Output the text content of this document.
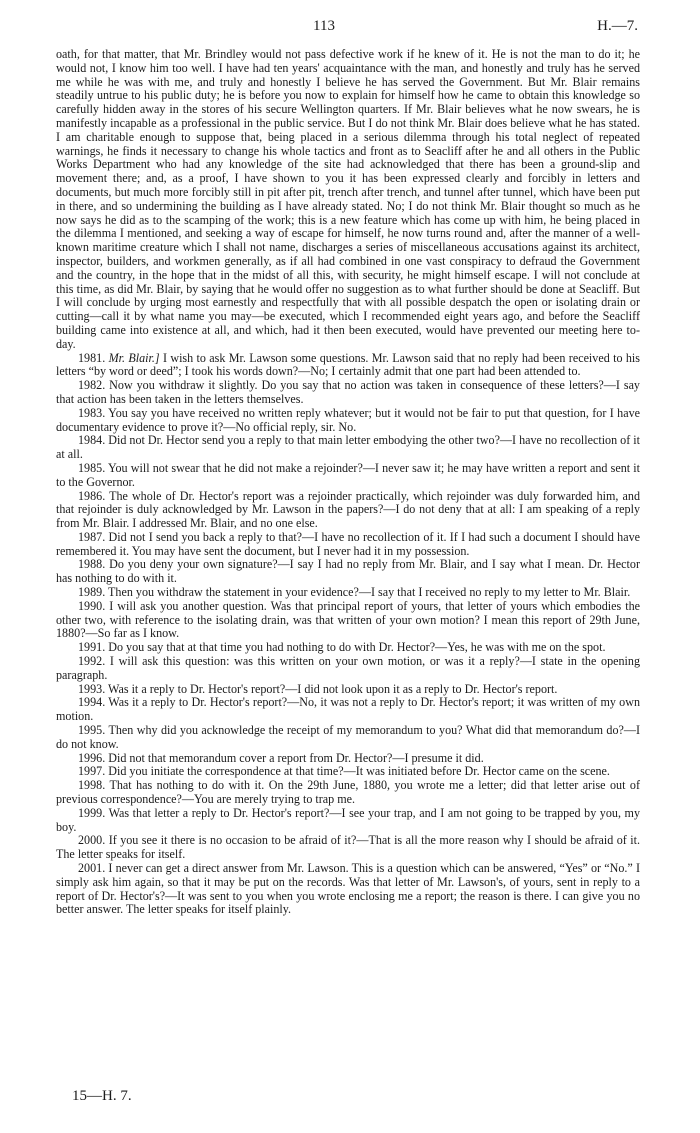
113	H.—7.

oath, for that matter, that Mr. Brindley would not pass defective work if he knew of it. He is not the man to do it; he would not, I know him too well. I have had ten years' acquaintance with the man, and honestly and truly has he served me while he was with me, and truly and honestly I believe he has served the Government. But Mr. Blair remains steadily untrue to his public duty; he is before you now to explain for himself how he came to obtain this knowledge so carefully hidden away in the stores of his secure Wellington quarters. If Mr. Blair believes what he now swears, he is manifestly incapable as a professional in the public service. But I do not think Mr. Blair does believe what he has stated. I am charitable enough to suppose that, being placed in a serious dilemma through his total neglect of repeated warnings, he finds it necessary to change his whole tactics and front as to Seacliff after he and all others in the Public Works Department who had any knowledge of the site had acknowledged that there has been a ground-slip and movement there; and, as a proof, I have shown to you it has been expressed clearly and forcibly in letters and documents, but much more forcibly still in pit after pit, trench after trench, and tunnel after tunnel, which have been put in there, and so undermining the building as I have already stated. No; I do not think Mr. Blair thought so much as he now says he did as to the scamping of the work; this is a new feature which has come up with him, he being placed in the dilemma I mentioned, and seeking a way of escape for himself, he now turns round and, after the manner of a well-known maritime creature which I shall not name, discharges a series of miscellaneous accusations against its architect, inspector, builders, and workmen generally, as if all had combined in one vast conspiracy to defraud the Government and the country, in the hope that in the midst of all this, with security, he might himself escape. I will not conclude at this time, as did Mr. Blair, by saying that he would offer no suggestion as to what further should be done at Seacliff. But I will conclude by urging most earnestly and respectfully that with all possible despatch the open or isolating drain or cutting—call it by what name you may—be executed, which I recommended eight years ago, and before the Seacliff building came into existence at all, and which, had it then been executed, would have prevented our meeting here to-day.

1981. Mr. Blair.] I wish to ask Mr. Lawson some questions. Mr. Lawson said that no reply had been received to his letters “by word or deed”; I took his words down?—No; I certainly admit that one part had been attended to.

1982. Now you withdraw it slightly. Do you say that no action was taken in consequence of these letters?—I say that action has been taken in the letters themselves.

1983. You say you have received no written reply whatever; but it would not be fair to put that question, for I have documentary evidence to prove it?—No official reply, sir. No.

1984. Did not Dr. Hector send you a reply to that main letter embodying the other two?—I have no recollection of it at all.

1985. You will not swear that he did not make a rejoinder?—I never saw it; he may have written a report and sent it to the Governor.

1986. The whole of Dr. Hector's report was a rejoinder practically, which rejoinder was duly forwarded him, and that rejoinder is duly acknowledged by Mr. Lawson in the papers?—I do not deny that at all: I am speaking of a reply from Mr. Blair. I addressed Mr. Blair, and no one else.

1987. Did not I send you back a reply to that?—I have no recollection of it. If I had such a document I should have remembered it. You may have sent the document, but I never had it in my possession.

1988. Do you deny your own signature?—I say I had no reply from Mr. Blair, and I say what I mean. Dr. Hector has nothing to do with it.

1989. Then you withdraw the statement in your evidence?—I say that I received no reply to my letter to Mr. Blair.

1990. I will ask you another question. Was that principal report of yours, that letter of yours which embodies the other two, with reference to the isolating drain, was that written of your own motion? I mean this report of 29th June, 1880?—So far as I know.

1991. Do you say that at that time you had nothing to do with Dr. Hector?—Yes, he was with me on the spot.

1992. I will ask this question: was this written on your own motion, or was it a reply?—I state in the opening paragraph.

1993. Was it a reply to Dr. Hector's report?—I did not look upon it as a reply to Dr. Hector's report.

1994. Was it a reply to Dr. Hector's report?—No, it was not a reply to Dr. Hector's report; it was written of my own motion.

1995. Then why did you acknowledge the receipt of my memorandum to you? What did that memorandum do?—I do not know.

1996. Did not that memorandum cover a report from Dr. Hector?—I presume it did.

1997. Did you initiate the correspondence at that time?—It was initiated before Dr. Hector came on the scene.

1998. That has nothing to do with it. On the 29th June, 1880, you wrote me a letter; did that letter arise out of previous correspondence?—You are merely trying to trap me.

1999. Was that letter a reply to Dr. Hector's report?—I see your trap, and I am not going to be trapped by you, my boy.

2000. If you see it there is no occasion to be afraid of it?—That is all the more reason why I should be afraid of it. The letter speaks for itself.

2001. I never can get a direct answer from Mr. Lawson. This is a question which can be answered, “Yes” or “No.” I simply ask him again, so that it may be put on the records. Was that letter of Mr. Lawson's, of yours, sent in reply to a report of Dr. Hector's?—It was sent to you when you wrote enclosing me a report; the reason is there. I can give you no better answer. The letter speaks for itself plainly.

15—H. 7.
